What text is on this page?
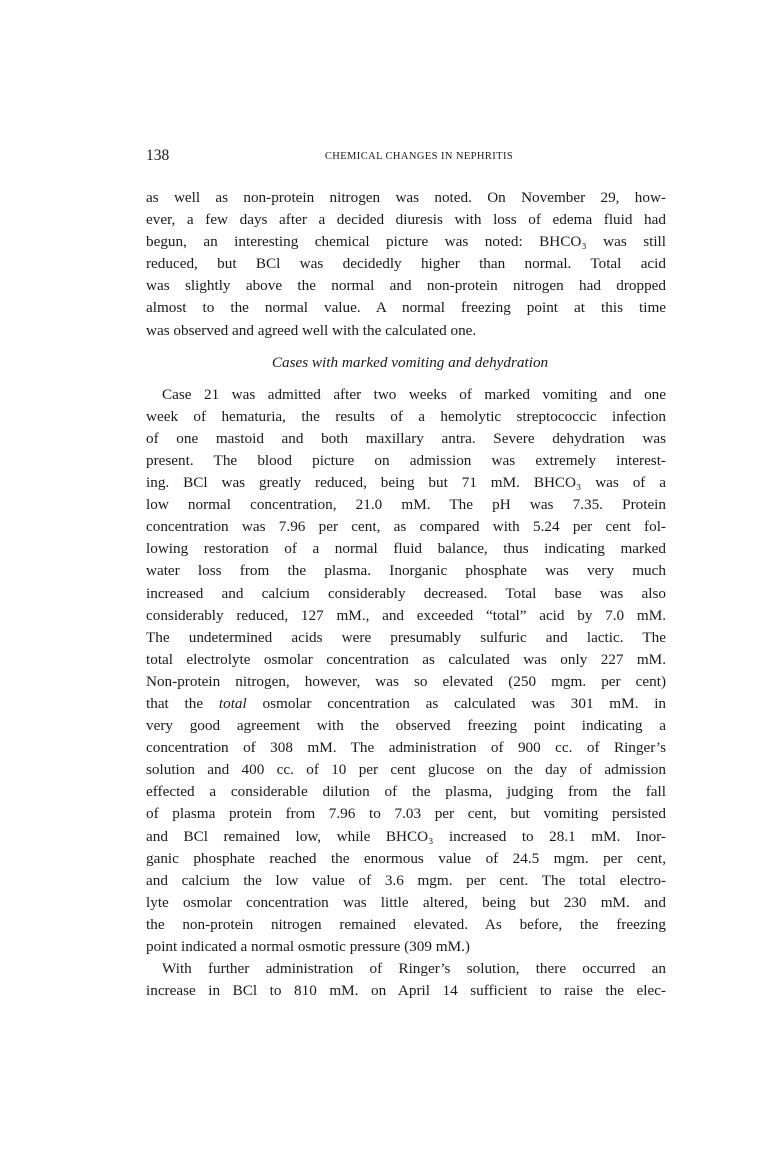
138	CHEMICAL CHANGES IN NEPHRITIS
as well as non-protein nitrogen was noted. On November 29, how-
ever, a few days after a decided diuresis with loss of edema fluid had
begun, an interesting chemical picture was noted: BHCO₃ was still
reduced, but BCl was decidedly higher than normal. Total acid
was slightly above the normal and non-protein nitrogen had dropped
almost to the normal value. A normal freezing point at this time
was observed and agreed well with the calculated one.
Cases with marked vomiting and dehydration
Case 21 was admitted after two weeks of marked vomiting and one
week of hematuria, the results of a hemolytic streptococcic infection
of one mastoid and both maxillary antra. Severe dehydration was
present. The blood picture on admission was extremely interest-
ing. BCl was greatly reduced, being but 71 mM. BHCO₃ was of a
low normal concentration, 21.0 mM. The pH was 7.35. Protein
concentration was 7.96 per cent, as compared with 5.24 per cent fol-
lowing restoration of a normal fluid balance, thus indicating marked
water loss from the plasma. Inorganic phosphate was very much
increased and calcium considerably decreased. Total base was also
considerably reduced, 127 mM., and exceeded “total” acid by 7.0 mM.
The undetermined acids were presumably sulfuric and lactic. The
total electrolyte osmolar concentration as calculated was only 227 mM.
Non-protein nitrogen, however, was so elevated (250 mgm. per cent)
that the total osmolar concentration as calculated was 301 mM. in
very good agreement with the observed freezing point indicating a
concentration of 308 mM. The administration of 900 cc. of Ringer’s
solution and 400 cc. of 10 per cent glucose on the day of admission
effected a considerable dilution of the plasma, judging from the fall
of plasma protein from 7.96 to 7.03 per cent, but vomiting persisted
and BCl remained low, while BHCO₃ increased to 28.1 mM. Inor-
ganic phosphate reached the enormous value of 24.5 mgm. per cent,
and calcium the low value of 3.6 mgm. per cent. The total electro-
lyte osmolar concentration was little altered, being but 230 mM. and
the non-protein nitrogen remained elevated. As before, the freezing
point indicated a normal osmotic pressure (309 mM.)
With further administration of Ringer’s solution, there occurred an
increase in BCl to 810 mM. on April 14 sufficient to raise the elec-
